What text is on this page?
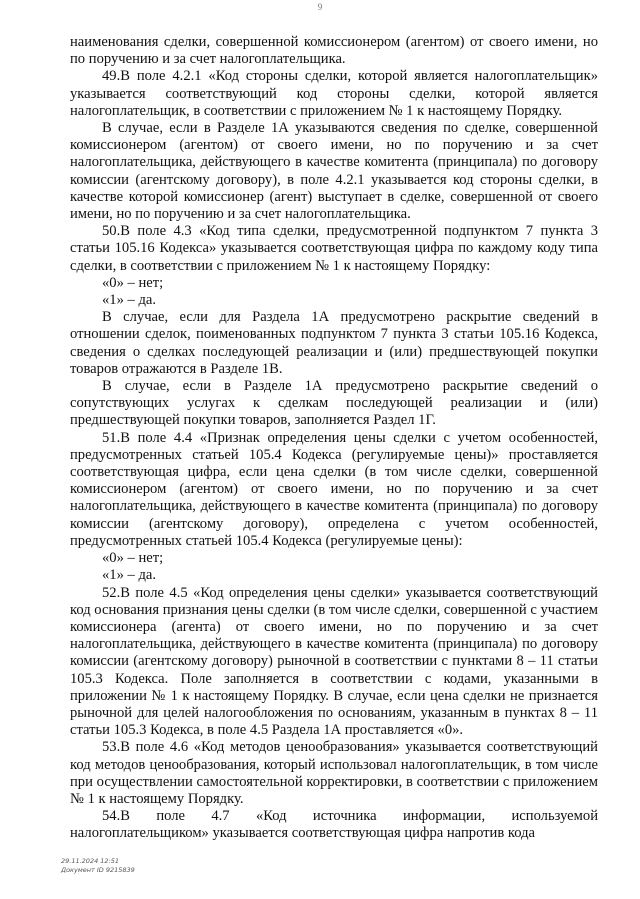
9

наименования сделки, совершенной комиссионером (агентом) от своего имени, но по поручению и за счет налогоплательщика.

49.В поле 4.2.1 «Код стороны сделки, которой является налогоплательщик» указывается соответствующий код стороны сделки, которой является налогоплательщик, в соответствии с приложением № 1 к настоящему Порядку.

В случае, если в Разделе 1А указываются сведения по сделке, совершенной комиссионером (агентом) от своего имени, но по поручению и за счет налогоплательщика, действующего в качестве комитента (принципала) по договору комиссии (агентскому договору), в поле 4.2.1 указывается код стороны сделки, в качестве которой комиссионер (агент) выступает в сделке, совершенной от своего имени, но по поручению и за счет налогоплательщика.

50.В поле 4.3 «Код типа сделки, предусмотренной подпунктом 7 пункта 3 статьи 105.16 Кодекса» указывается соответствующая цифра по каждому коду типа сделки, в соответствии с приложением № 1 к настоящему Порядку:

«0» – нет;

«1» – да.

В случае, если для Раздела 1А предусмотрено раскрытие сведений в отношении сделок, поименованных подпунктом 7 пункта 3 статьи 105.16 Кодекса, сведения о сделках последующей реализации и (или) предшествующей покупки товаров отражаются в Разделе 1В.

В случае, если в Разделе 1А предусмотрено раскрытие сведений о сопутствующих услугах к сделкам последующей реализации и (или) предшествующей покупки товаров, заполняется Раздел 1Г.

51.В поле 4.4 «Признак определения цены сделки с учетом особенностей, предусмотренных статьей 105.4 Кодекса (регулируемые цены)» проставляется соответствующая цифра, если цена сделки (в том числе сделки, совершенной комиссионером (агентом) от своего имени, но по поручению и за счет налогоплательщика, действующего в качестве комитента (принципала) по договору комиссии (агентскому договору), определена с учетом особенностей, предусмотренных статьей 105.4 Кодекса (регулируемые цены):

«0» – нет;

«1» – да.

52.В поле 4.5 «Код определения цены сделки» указывается соответствующий код основания признания цены сделки (в том числе сделки, совершенной с участием комиссионера (агента) от своего имени, но по поручению и за счет налогоплательщика, действующего в качестве комитента (принципала) по договору комиссии (агентскому договору) рыночной в соответствии с пунктами 8 – 11 статьи 105.3 Кодекса. Поле заполняется в соответствии с кодами, указанными в приложении № 1 к настоящему Порядку. В случае, если цена сделки не признается рыночной для целей налогообложения по основаниям, указанным в пунктах 8 – 11 статьи 105.3 Кодекса, в поле 4.5 Раздела 1А проставляется «0».

53.В поле 4.6 «Код методов ценообразования» указывается соответствующий код методов ценообразования, который использовал налогоплательщик, в том числе при осуществлении самостоятельной корректировки, в соответствии с приложением № 1 к настоящему Порядку.

54.В поле 4.7 «Код источника информации, используемой налогоплательщиком» указывается соответствующая цифра напротив кода

29.11.2024 12:51
Документ ID 9215839
